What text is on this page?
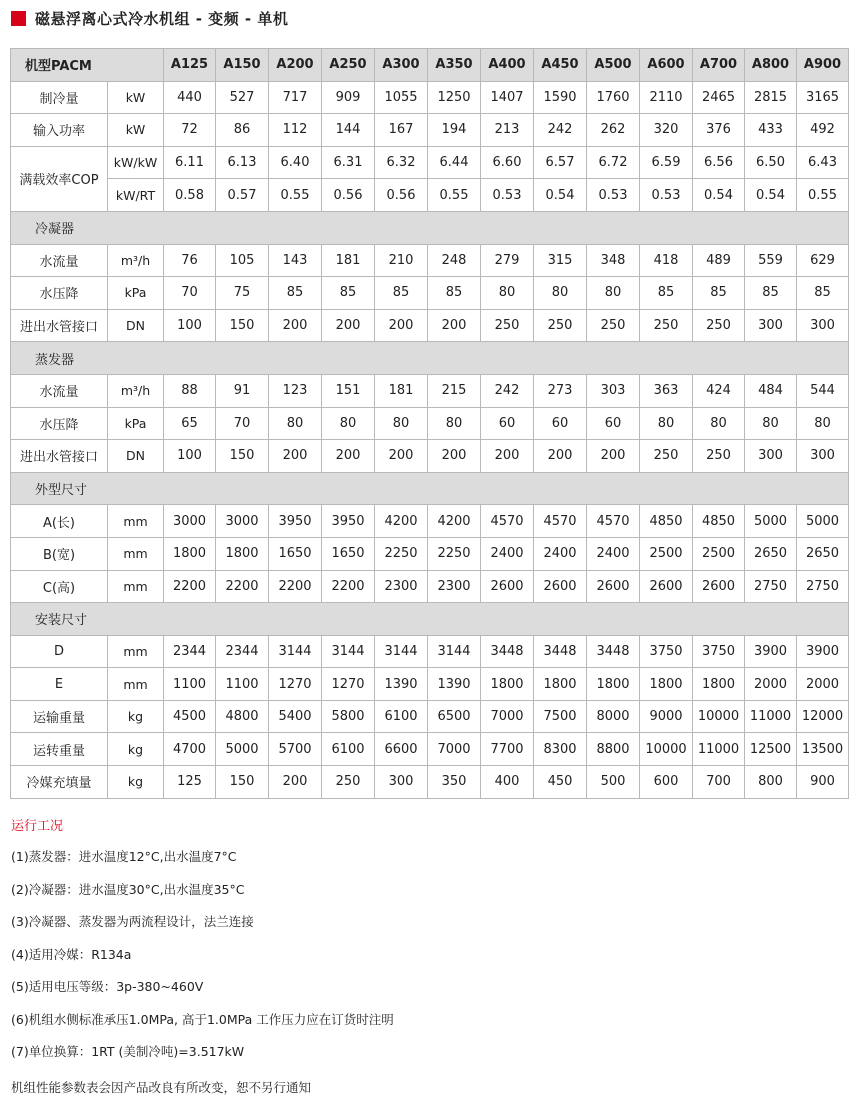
磁悬浮离心式冷水机组 - 变频 - 单机
机型PACM		A125	A150	A200	A250	A300	A350	A400	A450	A500	A600	A700	A800	A900
制冷量	kW	440	527	717	909	1055	1250	1407	1590	1760	2110	2465	2815	3165
输入功率	kW	72	86	112	144	167	194	213	242	262	320	376	433	492
满载效率COP	kW/kW	6.11	6.13	6.40	6.31	6.32	6.44	6.60	6.57	6.72	6.59	6.56	6.50	6.43
	kW/RT	0.58	0.57	0.55	0.56	0.56	0.55	0.53	0.54	0.53	0.53	0.54	0.54	0.55
冷凝器														
水流量	m³/h	76	105	143	181	210	248	279	315	348	418	489	559	629
水压降	kPa	70	75	85	85	85	85	80	80	80	85	85	85	85
进出水管接口	DN	100	150	200	200	200	200	250	250	250	250	250	300	300
蒸发器														
水流量	m³/h	88	91	123	151	181	215	242	273	303	363	424	484	544
水压降	kPa	65	70	80	80	80	80	60	60	60	80	80	80	80
进出水管接口	DN	100	150	200	200	200	200	200	200	200	250	250	300	300
外型尺寸														
A(长)	mm	3000	3000	3950	3950	4200	4200	4570	4570	4570	4850	4850	5000	5000
B(宽)	mm	1800	1800	1650	1650	2250	2250	2400	2400	2400	2500	2500	2650	2650
C(高)	mm	2200	2200	2200	2200	2300	2300	2600	2600	2600	2600	2600	2750	2750
安装尺寸														
D	mm	2344	2344	3144	3144	3144	3144	3448	3448	3448	3750	3750	3900	3900
E	mm	1100	1100	1270	1270	1390	1390	1800	1800	1800	1800	1800	2000	2000
运输重量	kg	4500	4800	5400	5800	6100	6500	7000	7500	8000	9000	10000	11000	12000
运转重量	kg	4700	5000	5700	6100	6600	7000	7700	8300	8800	10000	11000	12500	13500
冷媒充填量	kg	125	150	200	250	300	350	400	450	500	600	700	800	900
运行工况
(1)蒸发器：进水温度12°C,出水温度7°C
(2)冷凝器：进水温度30°C,出水温度35°C
(3)冷凝器、蒸发器为两流程设计，法兰连接
(4)适用冷媒：R134a
(5)适用电压等级：3p-380~460V
(6)机组水侧标准承压1.0MPa, 高于1.0MPa 工作压力应在订货时注明
(7)单位换算：1RT (美制冷吨)=3.517kW
机组性能参数表会因产品改良有所改变，恕不另行通知
